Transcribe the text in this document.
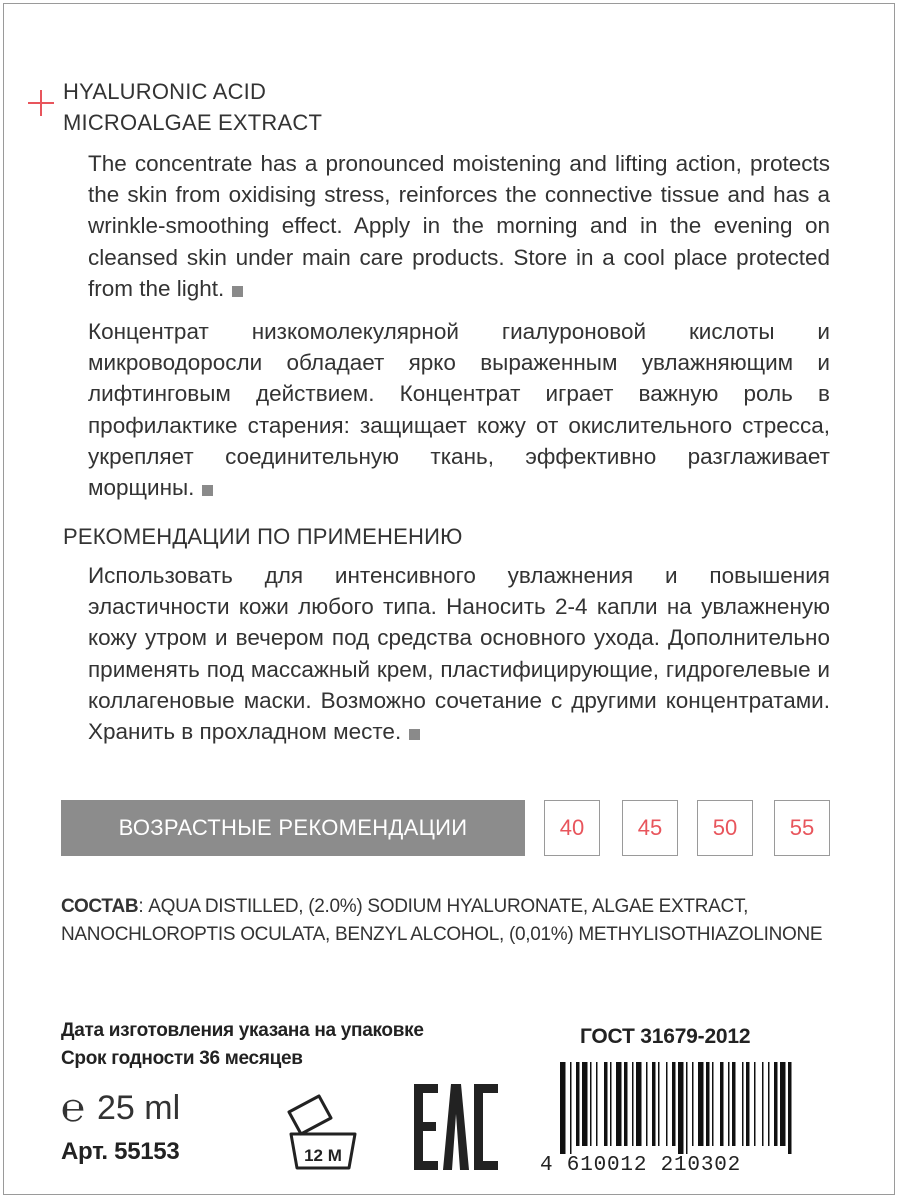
HYALURONIC ACID
MICROALGAE EXTRACT
The concentrate has a pronounced moistening and lifting action, protects the skin from oxidising stress, reinforces the connective tissue and has a wrinkle-smoothing effect. Apply in the morning and in the evening on cleansed skin under main care products. Store in a cool place protected from the light.
Концентрат низкомолекулярной гиалуроновой кислоты и микроводоросли обладает ярко выраженным увлажняющим и лифтинговым действием. Концентрат играет важную роль в профилактике старения: защищает кожу от окислительного стресса, укрепляет соединительную ткань, эффективно разглаживает морщины.
РЕКОМЕНДАЦИИ ПО ПРИМЕНЕНИЮ
Использовать для интенсивного увлажнения и повышения эластичности кожи любого типа. Наносить 2-4 капли на увлажненую кожу утром и вечером под средства основного ухода. Дополнительно применять под массажный крем, пластифицирующие, гидрогелевые и коллагеновые маски. Возможно сочетание с другими концентратами. Хранить в прохладном месте.
ВОЗРАСТНЫЕ РЕКОМЕНДАЦИИ	40	45	50	55
СОСТАВ: AQUA DISTILLED, (2.0%) SODIUM HYALURONATE, ALGAE EXTRACT, NANOCHLOROPTIS OCULATA, BENZYL ALCOHOL, (0,01%) METHYLISOTHIAZOLINONE
Дата изготовления указана на упаковке
Срок годности 36 месяцев
℮ 25 ml
Арт. 55153	12 M
ГОСТ 31679-2012
4 610012 210302
